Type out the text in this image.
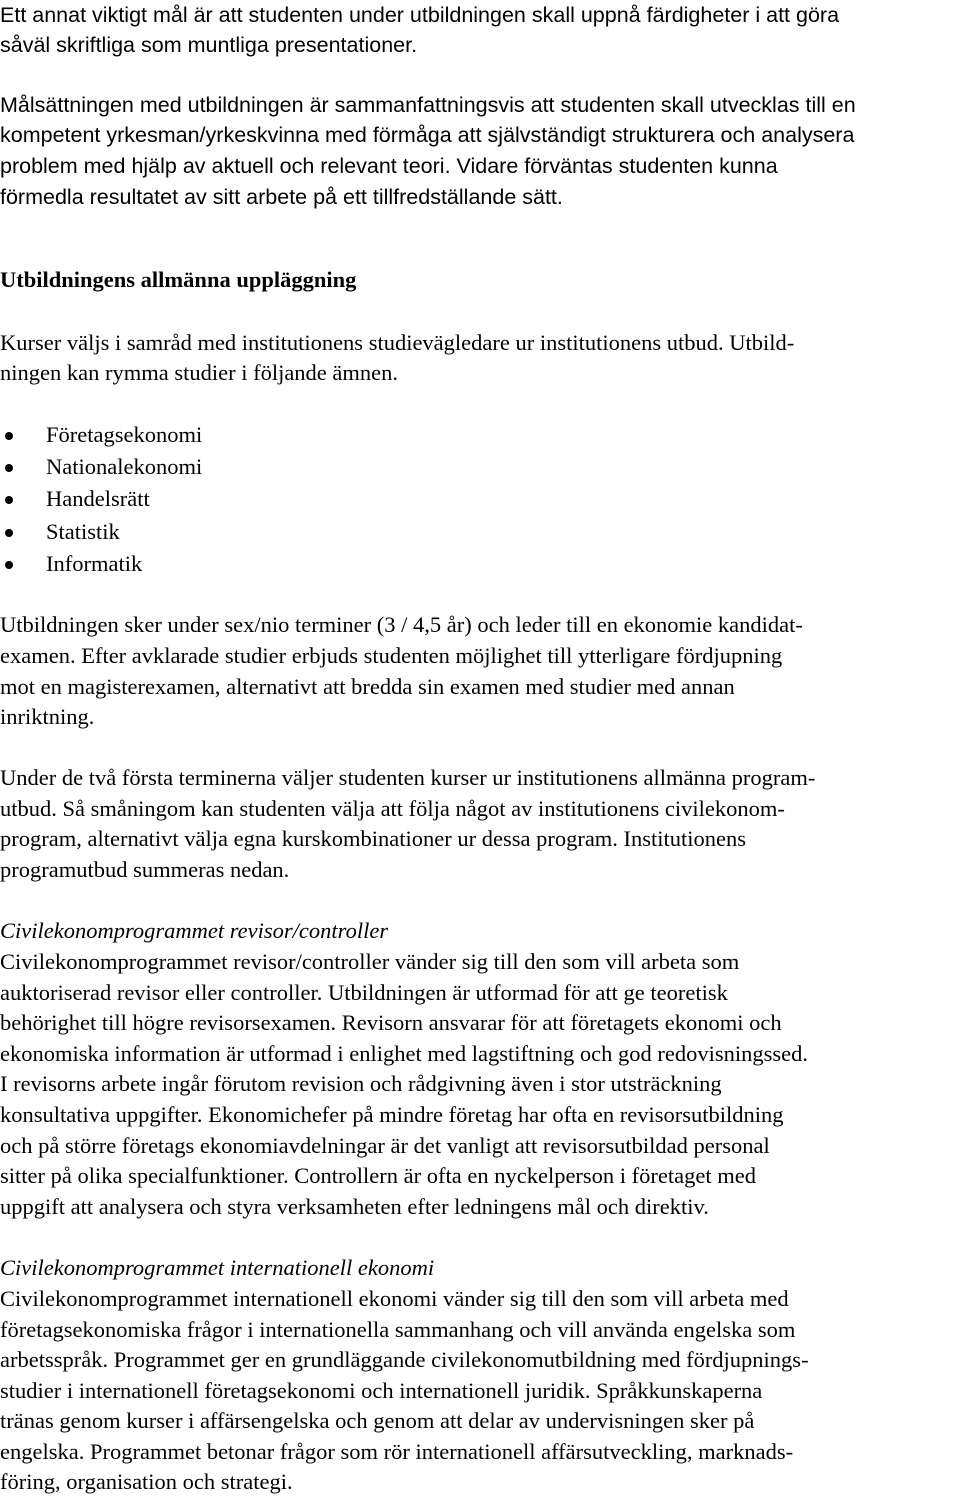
Ett annat viktigt mål är att studenten under utbildningen skall uppnå färdigheter i att göra
såväl skriftliga som muntliga presentationer.
Målsättningen med utbildningen är sammanfattningsvis att studenten skall utvecklas till en
kompetent yrkesman/yrkeskvinna med förmåga att självständigt strukturera och analysera
problem med hjälp av aktuell och relevant teori. Vidare förväntas studenten kunna
förmedla resultatet av sitt arbete på ett tillfredställande sätt.
Utbildningens allmänna uppläggning
Kurser väljs i samråd med institutionens studievägledare ur institutionens utbud. Utbild-
ningen kan rymma studier i följande ämnen.
Företagsekonomi
Nationalekonomi
Handelsrätt
Statistik
Informatik
Utbildningen sker under sex/nio terminer (3 / 4,5 år) och leder till en ekonomie kandidat-
examen. Efter avklarade studier erbjuds studenten möjlighet till ytterligare fördjupning
mot en magisterexamen, alternativt att bredda sin examen med studier med annan
inriktning.
Under de två första terminerna väljer studenten kurser ur institutionens allmänna program-
utbud. Så småningom kan studenten välja att följa något av institutionens civilekonom-
program, alternativt välja egna kurskombinationer ur dessa program. Institutionens
programutbud summeras nedan.
Civilekonomprogrammet revisor/controller
Civilekonomprogrammet revisor/controller vänder sig till den som vill arbeta som
auktoriserad revisor eller controller. Utbildningen är utformad för att ge teoretisk
behörighet till högre revisorsexamen. Revisorn ansvarar för att företagets ekonomi och
ekonomiska information är utformad i enlighet med lagstiftning och god redovisningssed.
I revisorns arbete ingår förutom revision och rådgivning även i stor utsträckning
konsultativa uppgifter. Ekonomichefer på mindre företag har ofta en revisorsutbildning
och på större företags ekonomiavdelningar är det vanligt att revisorsutbildad personal
sitter på olika specialfunktioner. Controllern är ofta en nyckelperson i företaget med
uppgift att analysera och styra verksamheten efter ledningens mål och direktiv.
Civilekonomprogrammet internationell ekonomi
Civilekonomprogrammet internationell ekonomi vänder sig till den som vill arbeta med
företagsekonomiska frågor i internationella sammanhang och vill använda engelska som
arbetsspråk. Programmet ger en grundläggande civilekonomutbildning med fördjupnings-
studier i internationell företagsekonomi och internationell juridik. Språkkunskaperna
tränas genom kurser i affärsengelska och genom att delar av undervisningen sker på
engelska. Programmet betonar frågor som rör internationell affärsutveckling, marknads-
föring, organisation och strategi.
